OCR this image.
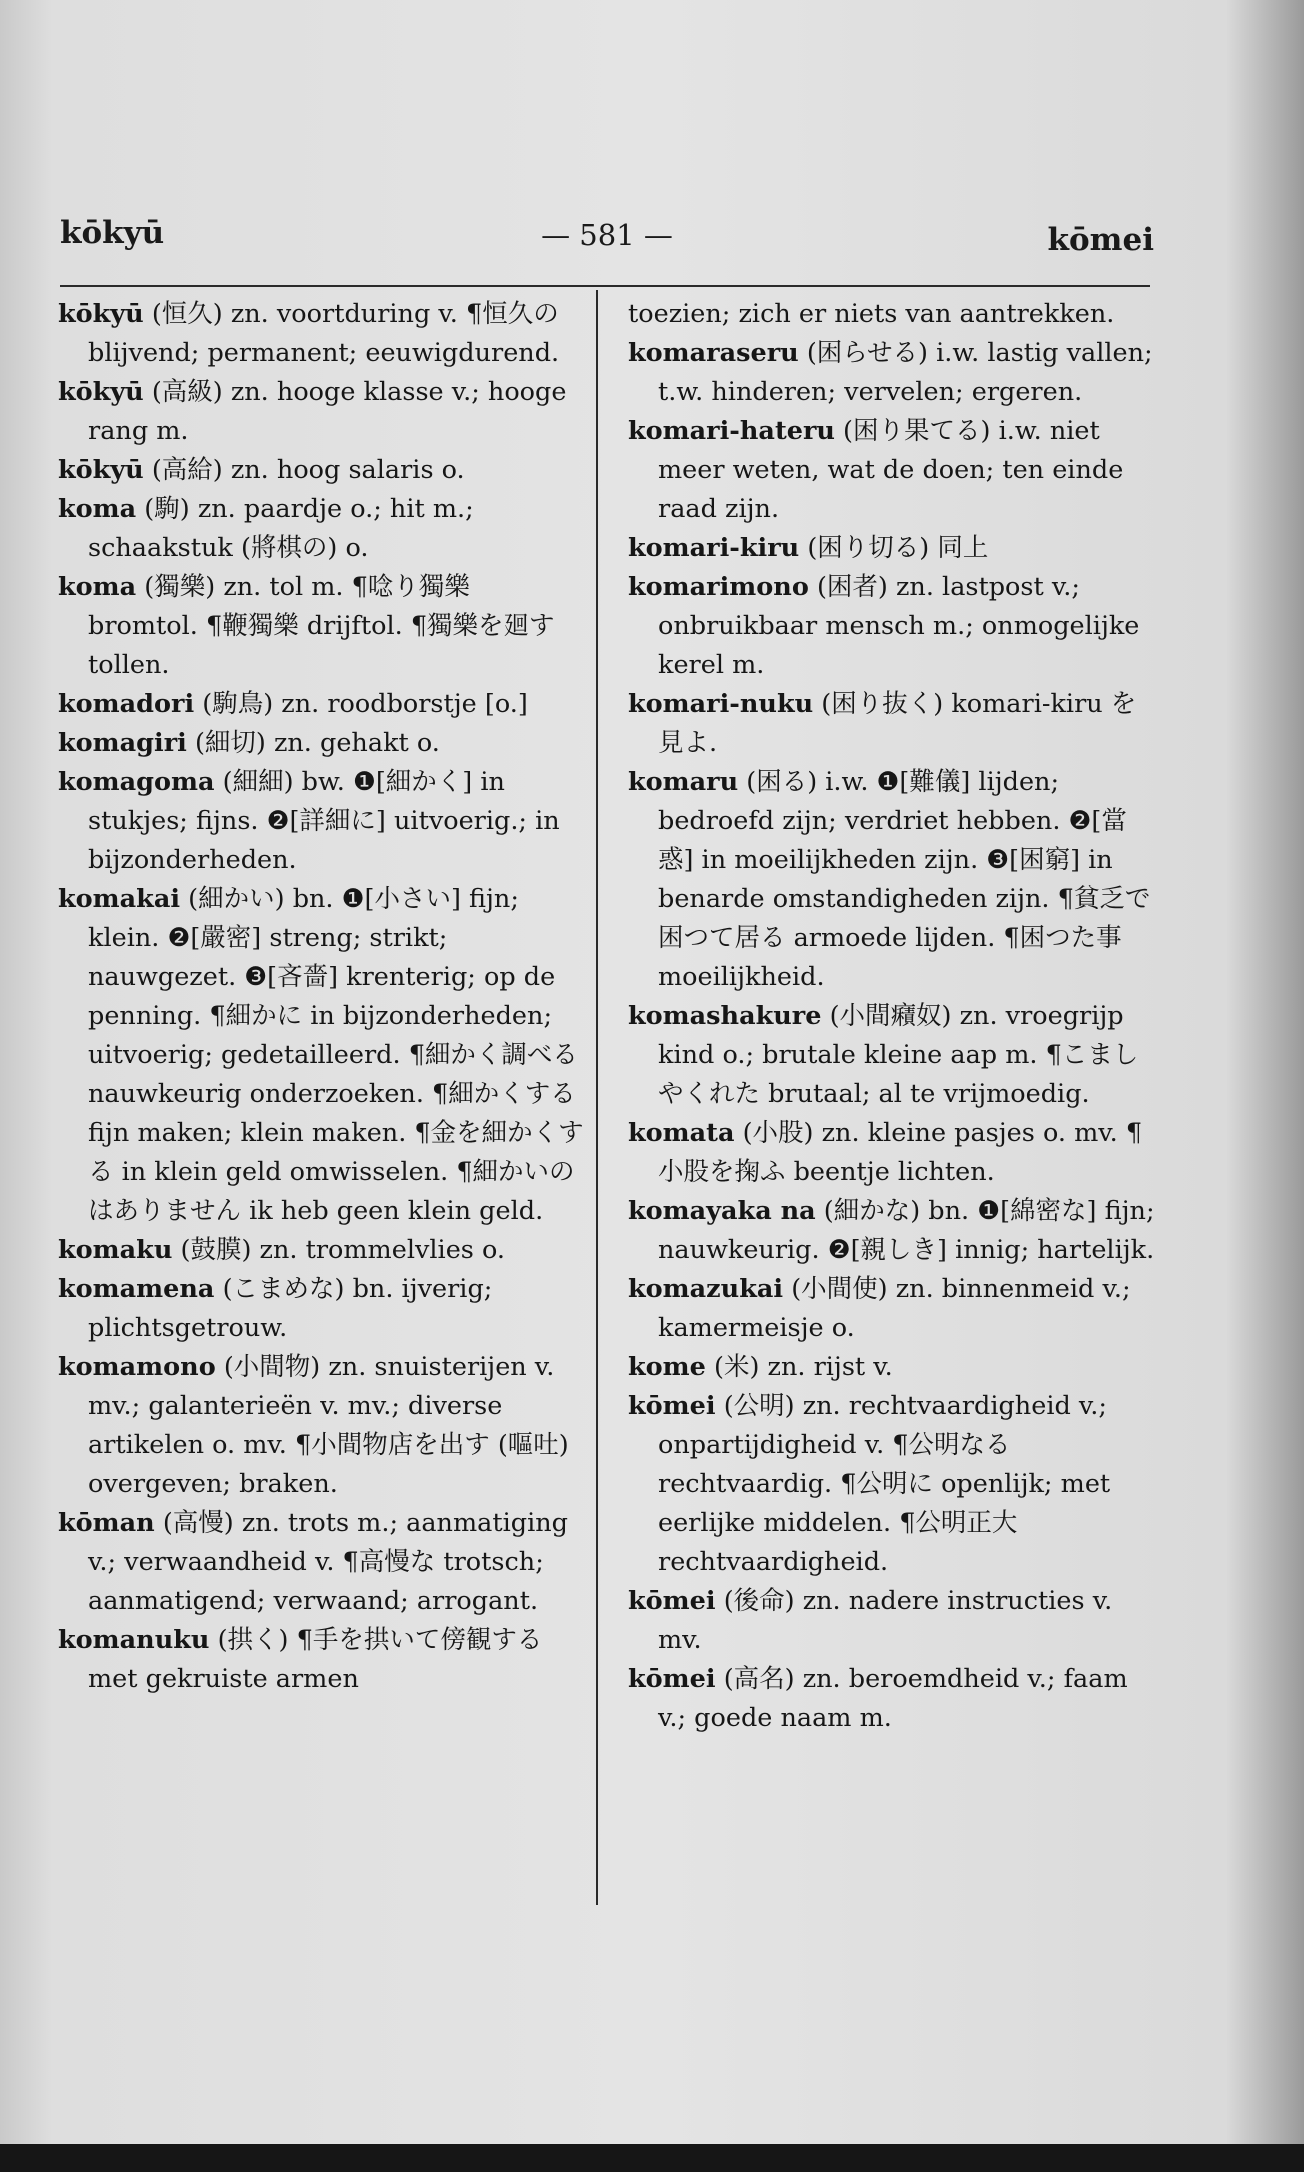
kōkyū	— 581 —	kōmei

kōkyū (恒久) zn. voortduring v. ¶恒久の blijvend; permanent; eeuwigdurend.

kōkyū (高級) zn. hooge klasse v.; hooge rang m.

kōkyū (高給) zn. hoog salaris o.

koma (駒) zn. paardje o.; hit m.; schaakstuk (將棋の) o.

koma (獨樂) zn. tol m. ¶唸り獨樂 bromtol. ¶鞭獨樂 drijftol. ¶獨樂を廻す tollen.

komadori (駒鳥) zn. roodborstje [o.]

komagiri (細切) zn. gehakt o.

komagoma (細細) bw. ❶[細かく] in stukjes; fijns. ❷[詳細に] uitvoerig.; in bijzonderheden.

komakai (細かい) bn. ❶[小さい] fijn; klein. ❷[嚴密] streng; strikt; nauwgezet. ❸[吝嗇] krenterig; op de penning. ¶細かに in bijzonderheden; uitvoerig; gedetailleerd. ¶細かく調べる nauwkeurig onderzoeken. ¶細かくする fijn maken; klein maken. ¶金を細かくする in klein geld omwisselen. ¶細かいのはありません ik heb geen klein geld.

komaku (鼓膜) zn. trommelvlies o.

komamena (こまめな) bn. ijverig; plichtsgetrouw.

komamono (小間物) zn. snuisterijen v. mv.; galanterieën v. mv.; diverse artikelen o. mv. ¶小間物店を出す (嘔吐) overgeven; braken.

kōman (高慢) zn. trots m.; aanmatiging v.; verwaandheid v. ¶高慢な trotsch; aanmatigend; verwaand; arrogant.

komanuku (拱く) ¶手を拱いて傍観する met gekruiste armen

toezien; zich er niets van aantrekken.

komaraseru (困らせる) i.w. lastig vallen; t.w. hinderen; vervelen; ergeren.

komari-hateru (困り果てる) i.w. niet meer weten, wat de doen; ten einde raad zijn.

komari-kiru (困り切る) 同上

komarimono (困者) zn. lastpost v.; onbruikbaar mensch m.; onmogelijke kerel m.

komari-nuku (困り抜く) komari-kiru を見よ.

komaru (困る) i.w. ❶[難儀] lijden; bedroefd zijn; verdriet hebben. ❷[當惑] in moeilijkheden zijn. ❸[困窮] in benarde omstandigheden zijn. ¶貧乏で困つて居る armoede lijden. ¶困つた事 moeilijkheid.

komashakure (小間癪奴) zn. vroegrijp kind o.; brutale kleine aap m. ¶こましやくれた brutaal; al te vrijmoedig.

komata (小股) zn. kleine pasjes o. mv. ¶小股を掬ふ beentje lichten.

komayaka na (細かな) bn. ❶[綿密な] fijn; nauwkeurig. ❷[親しき] innig; hartelijk.

komazukai (小間使) zn. binnenmeid v.; kamermeisje o.

kome (米) zn. rijst v.

kōmei (公明) zn. rechtvaardigheid v.; onpartijdigheid v. ¶公明なる rechtvaardig. ¶公明に openlijk; met eerlijke middelen. ¶公明正大 rechtvaardigheid.

kōmei (後命) zn. nadere instructies v. mv.

kōmei (高名) zn. beroemdheid v.; faam v.; goede naam m.
